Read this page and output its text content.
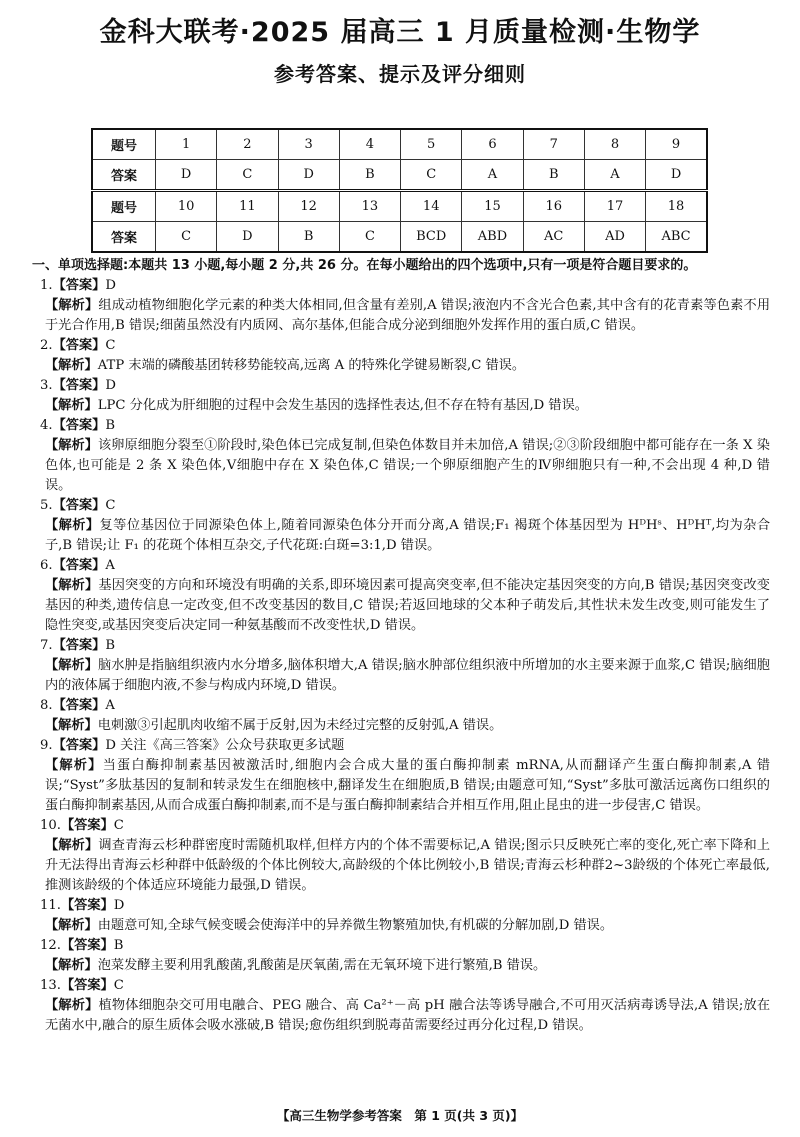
金科大联考·2025 届高三 1 月质量检测·生物学
参考答案、提示及评分细则
题号	1	2	3	4	5	6	7	8	9
答案	D	C	D	B	C	A	B	A	D
题号	10	11	12	13	14	15	16	17	18
答案	C	D	B	C	BCD	ABD	AC	AD	ABC

一、单项选择题:本题共 13 小题,每小题 2 分,共 26 分。在每小题给出的四个选项中,只有一项是符合题目要求的。

1.【答案】D

【解析】组成动植物细胞化学元素的种类大体相同,但含量有差别,A 错误;液泡内不含光合色素,其中含有的花青素等色素不用于光合作用,B 错误;细菌虽然没有内质网、高尔基体,但能合成分泌到细胞外发挥作用的蛋白质,C 错误。

2.【答案】C

【解析】ATP 末端的磷酸基团转移势能较高,远离 A 的特殊化学键易断裂,C 错误。

3.【答案】D

【解析】LPC 分化成为肝细胞的过程中会发生基因的选择性表达,但不存在特有基因,D 错误。

4.【答案】B

【解析】该卵原细胞分裂至①阶段时,染色体已完成复制,但染色体数目并未加倍,A 错误;②③阶段细胞中都可能存在一条 X 染色体,也可能是 2 条 X 染色体,Ⅴ细胞中存在 X 染色体,C 错误;一个卵原细胞产生的Ⅳ卵细胞只有一种,不会出现 4 种,D 错误。

5.【答案】C

【解析】复等位基因位于同源染色体上,随着同源染色体分开而分离,A 错误;F₁ 褐斑个体基因型为 HᴰHˢ、HᴰHᵀ,均为杂合子,B 错误;让 F₁ 的花斑个体相互杂交,子代花斑:白斑=3:1,D 错误。

6.【答案】A

【解析】基因突变的方向和环境没有明确的关系,即环境因素可提高突变率,但不能决定基因突变的方向,B 错误;基因突变改变基因的种类,遗传信息一定改变,但不改变基因的数目,C 错误;若返回地球的父本种子萌发后,其性状未发生改变,则可能发生了隐性突变,或基因突变后决定同一种氨基酸而不改变性状,D 错误。

7.【答案】B

【解析】脑水肿是指脑组织液内水分增多,脑体积增大,A 错误;脑水肿部位组织液中所增加的水主要来源于血浆,C 错误;脑细胞内的液体属于细胞内液,不参与构成内环境,D 错误。

8.【答案】A

【解析】电刺激③引起肌肉收缩不属于反射,因为未经过完整的反射弧,A 错误。

9.【答案】D 关注《高三答案》公众号获取更多试题

【解析】当蛋白酶抑制素基因被激活时,细胞内会合成大量的蛋白酶抑制素 mRNA,从而翻译产生蛋白酶抑制素,A 错误;“Syst”多肽基因的复制和转录发生在细胞核中,翻译发生在细胞质,B 错误;由题意可知,“Syst”多肽可激活远离伤口组织的蛋白酶抑制素基因,从而合成蛋白酶抑制素,而不是与蛋白酶抑制素结合并相互作用,阻止昆虫的进一步侵害,C 错误。

10.【答案】C

【解析】调查青海云杉种群密度时需随机取样,但样方内的个体不需要标记,A 错误;图示只反映死亡率的变化,死亡率下降和上升无法得出青海云杉种群中低龄级的个体比例较大,高龄级的个体比例较小,B 错误;青海云杉种群2~3龄级的个体死亡率最低,推测该龄级的个体适应环境能力最强,D 错误。

11.【答案】D

【解析】由题意可知,全球气候变暖会使海洋中的异养微生物繁殖加快,有机碳的分解加剧,D 错误。

12.【答案】B

【解析】泡菜发酵主要利用乳酸菌,乳酸菌是厌氧菌,需在无氧环境下进行繁殖,B 错误。

13.【答案】C

【解析】植物体细胞杂交可用电融合、PEG 融合、高 Ca²⁺－高 pH 融合法等诱导融合,不可用灭活病毒诱导法,A 错误;放在无菌水中,融合的原生质体会吸水涨破,B 错误;愈伤组织到脱毒苗需要经过再分化过程,D 错误。

【高三生物学参考答案　第 1 页(共 3 页)】
